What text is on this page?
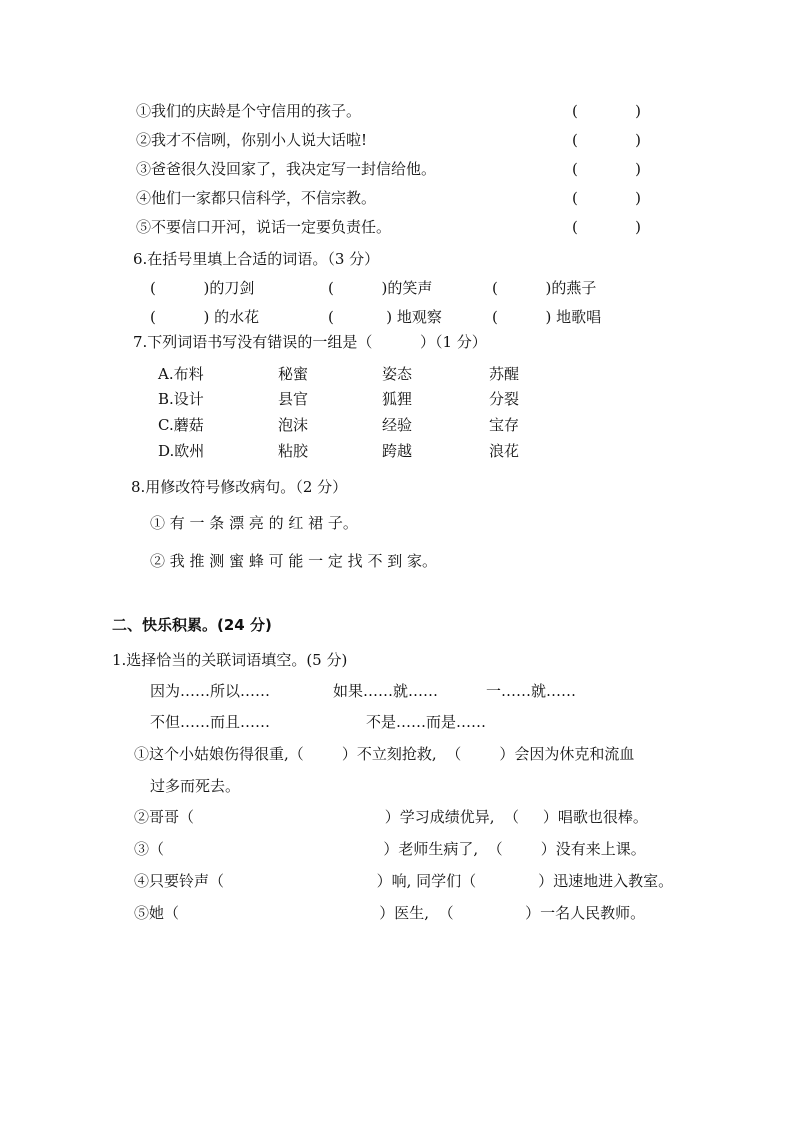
①我们的庆龄是个守信用的孩子。	(            )
②我才不信咧，你别小人说大话啦!	(            )
③爸爸很久没回家了，我决定写一封信给他。	(            )
④他们一家都只信科学，不信宗教。	(            )
⑤不要信口开河，说话一定要负责任。	(            )
6.在括号里填上合适的词语。（3 分）
(          )的刀剑	(          )的笑声	(          )的燕子
(          ) 的水花	(           ) 地观察	(          ) 地歌唱
7.下列词语书写没有错误的一组是（          ）（1 分）
A.布料	秘蜜	姿态	苏醒
B.设计	县官	狐狸	分裂
C.蘑菇	泡沫	经验	宝存
D.欧州	粘胶	跨越	浪花
8.用修改符号修改病句。（2 分）
① 有 一 条 漂 亮 的 红 裙 子。
② 我 推 测 蜜 蜂 可 能 一 定 找 不 到 家。
二、快乐积累。(24 分)
1.选择恰当的关联词语填空。(5 分)
因为……所以……	如果……就……	一……就……
不但……而且……	不是……而是……
①这个小姑娘伤得很重,（        ）不立刻抢救,  （        ）会因为休克和流血
过多而死去。
②哥哥（                                        ）学习成绩优异,  （     ）唱歌也很棒。
③（                                              ）老师生病了,  （        ）没有来上课。
④只要铃声（                                ）响, 同学们（             ）迅速地进入教室。
⑤她（                                          ）医生,  （               ）一名人民教师。
